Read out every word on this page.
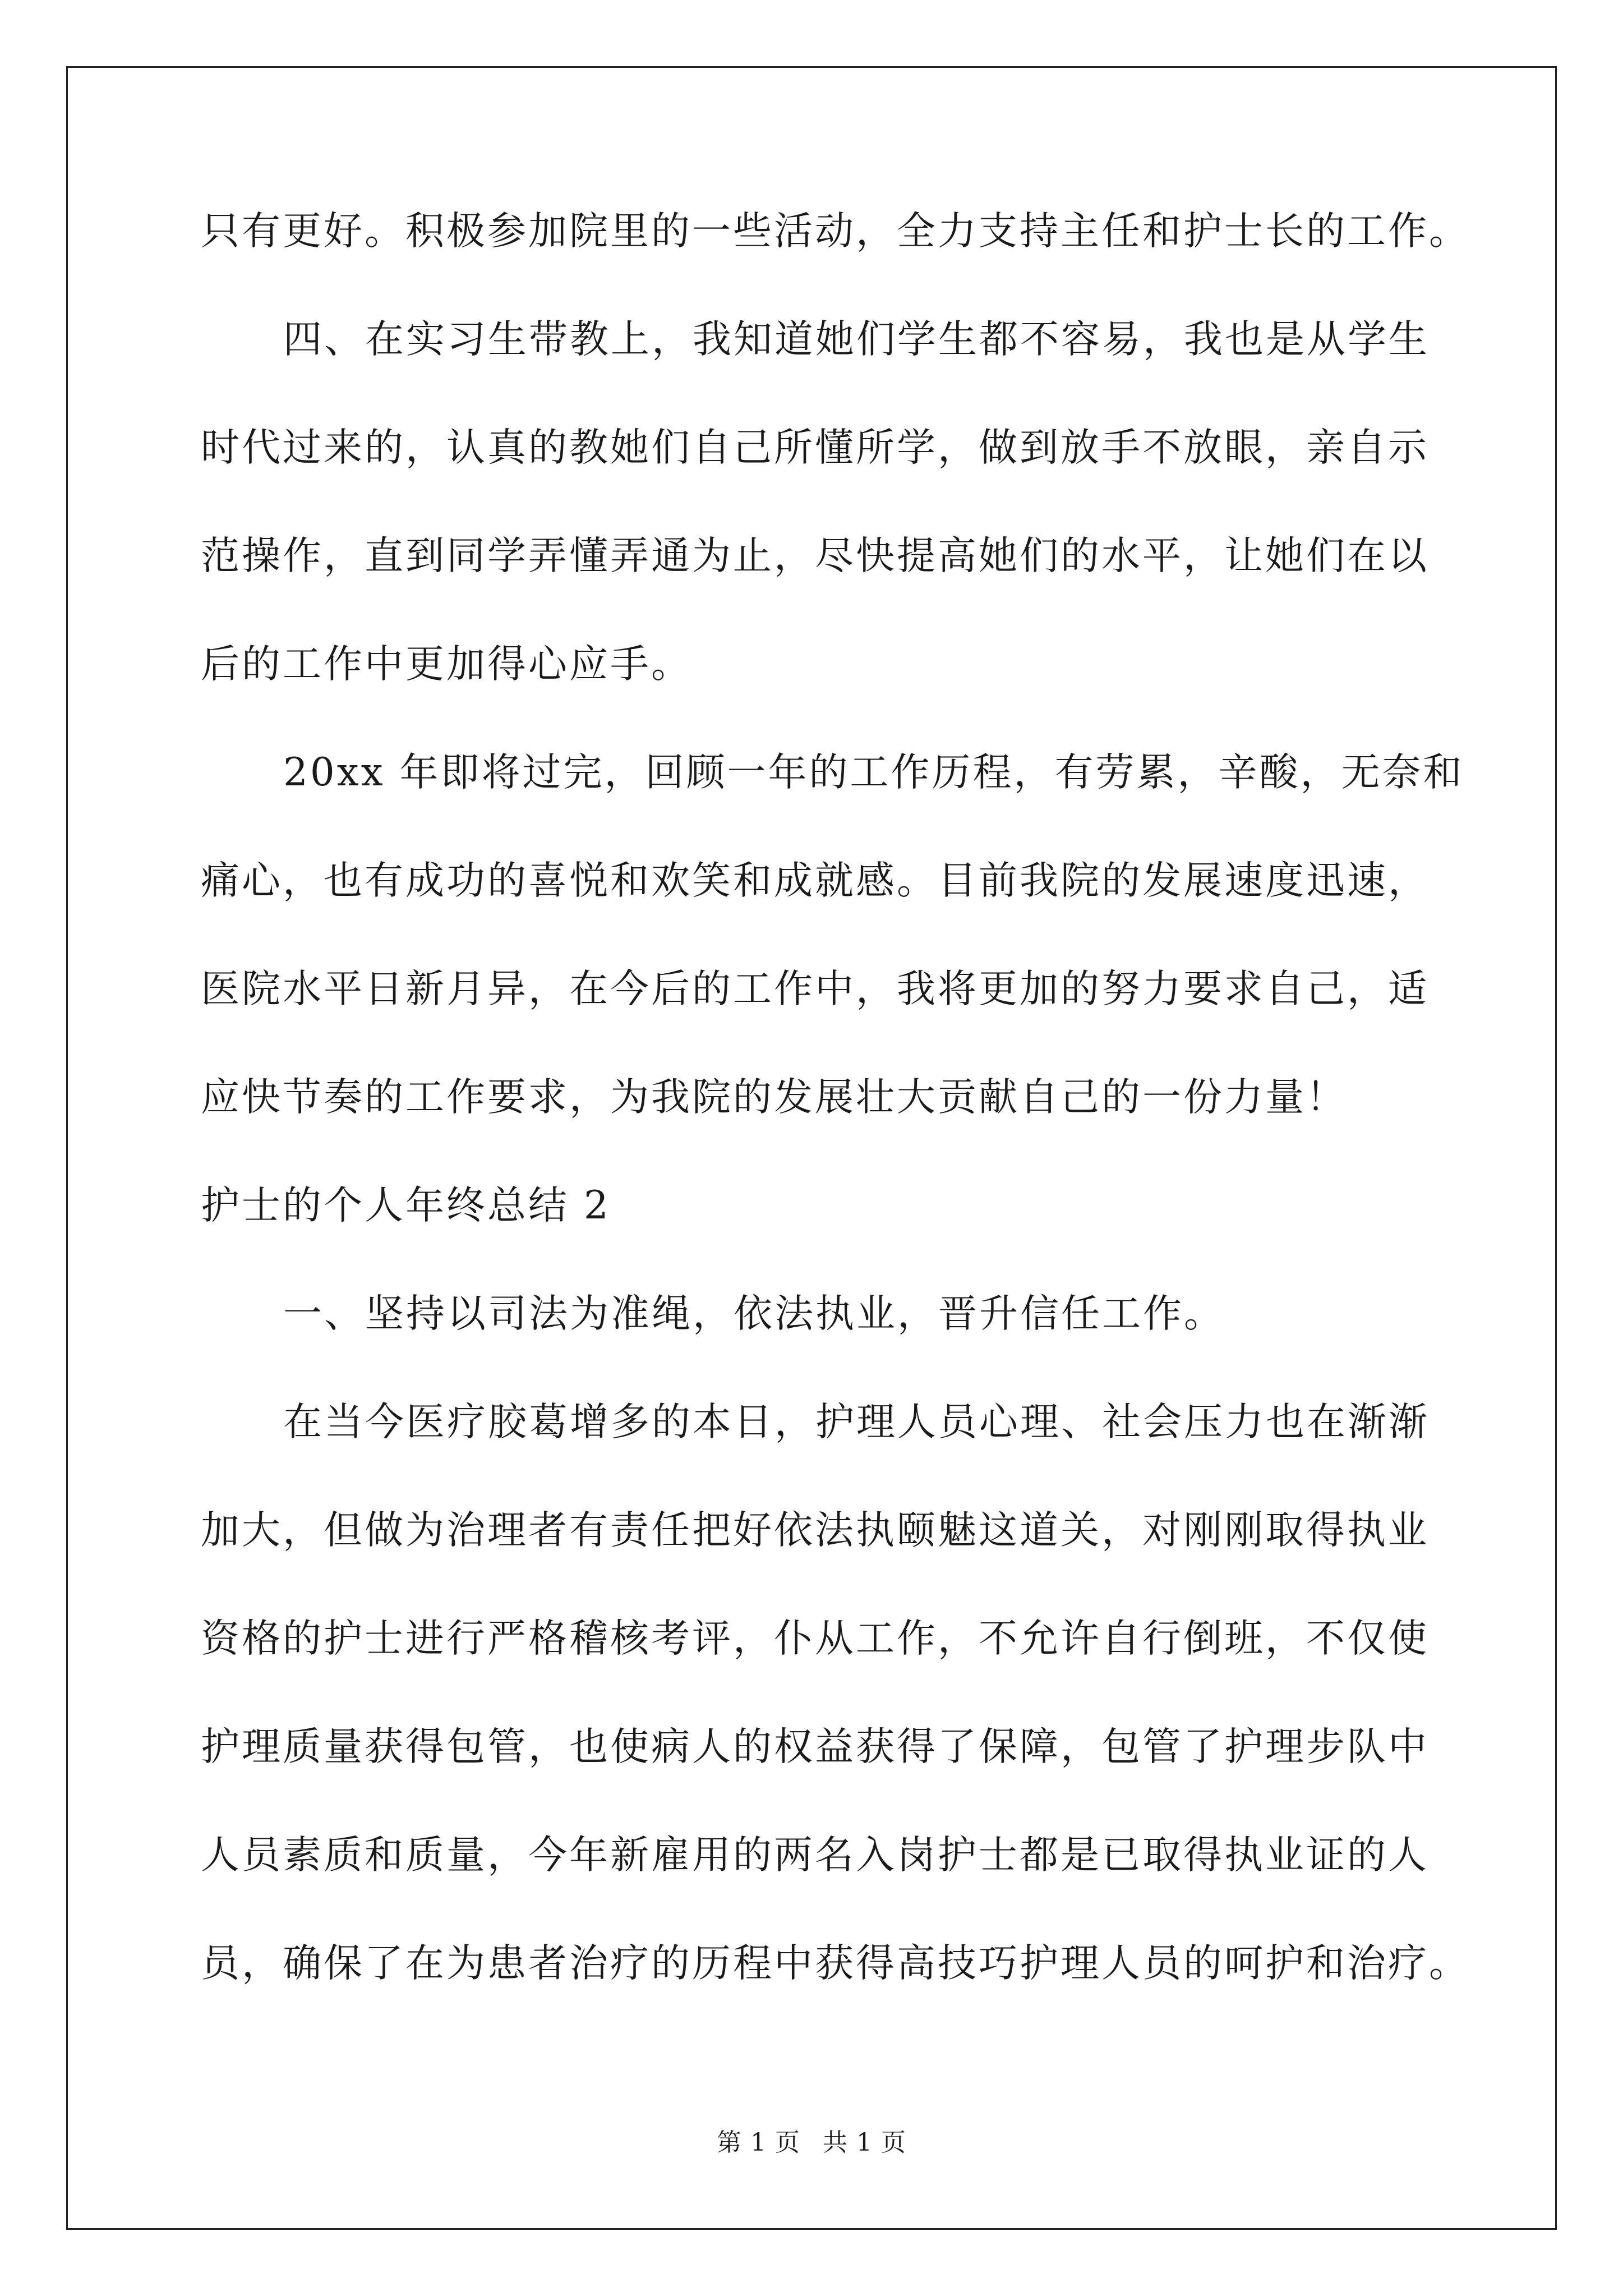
只有更好。积极参加院里的一些活动，全力支持主任和护士长的工作。
四、在实习生带教上，我知道她们学生都不容易，我也是从学生
时代过来的，认真的教她们自己所懂所学，做到放手不放眼，亲自示
范操作，直到同学弄懂弄通为止，尽快提高她们的水平，让她们在以
后的工作中更加得心应手。
20xx 年即将过完，回顾一年的工作历程，有劳累，辛酸，无奈和
痛心，也有成功的喜悦和欢笑和成就感。目前我院的发展速度迅速，
医院水平日新月异，在今后的工作中，我将更加的努力要求自己，适
应快节奏的工作要求，为我院的发展壮大贡献自己的一份力量！
护士的个人年终总结 2
一、坚持以司法为准绳，依法执业，晋升信任工作。
在当今医疗胶葛增多的本日，护理人员心理、社会压力也在渐渐
加大，但做为治理者有责任把好依法执颐魅这道关，对刚刚取得执业
资格的护士进行严格稽核考评，仆从工作，不允许自行倒班，不仅使
护理质量获得包管，也使病人的权益获得了保障，包管了护理步队中
人员素质和质量，今年新雇用的两名入岗护士都是已取得执业证的人
员，确保了在为患者治疗的历程中获得高技巧护理人员的呵护和治疗。
第 1 页 共 1 页
